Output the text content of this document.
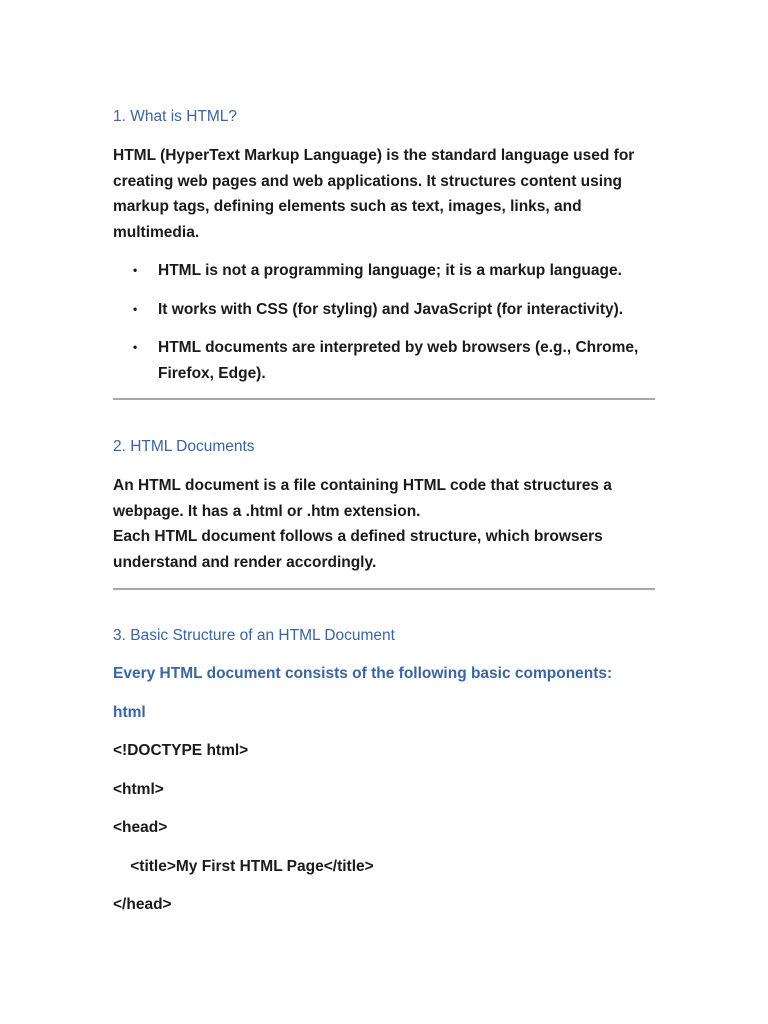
1. What is HTML?

HTML (HyperText Markup Language) is the standard language used for

creating web pages and web applications. It structures content using

markup tags, defining elements such as text, images, links, and

multimedia.

• HTML is not a programming language; it is a markup language.
• It works with CSS (for styling) and JavaScript (for interactivity).
• HTML documents are interpreted by web browsers (e.g., Chrome,
Firefox, Edge).
2. HTML Documents

An HTML document is a file containing HTML code that structures a

webpage. It has a .html or .htm extension.

Each HTML document follows a defined structure, which browsers

understand and render accordingly.

3. Basic Structure of an HTML Document
Every HTML document consists of the following basic components:
html

<!DOCTYPE html>

<html>

<head>

<title>My First HTML Page</title>

</head>
